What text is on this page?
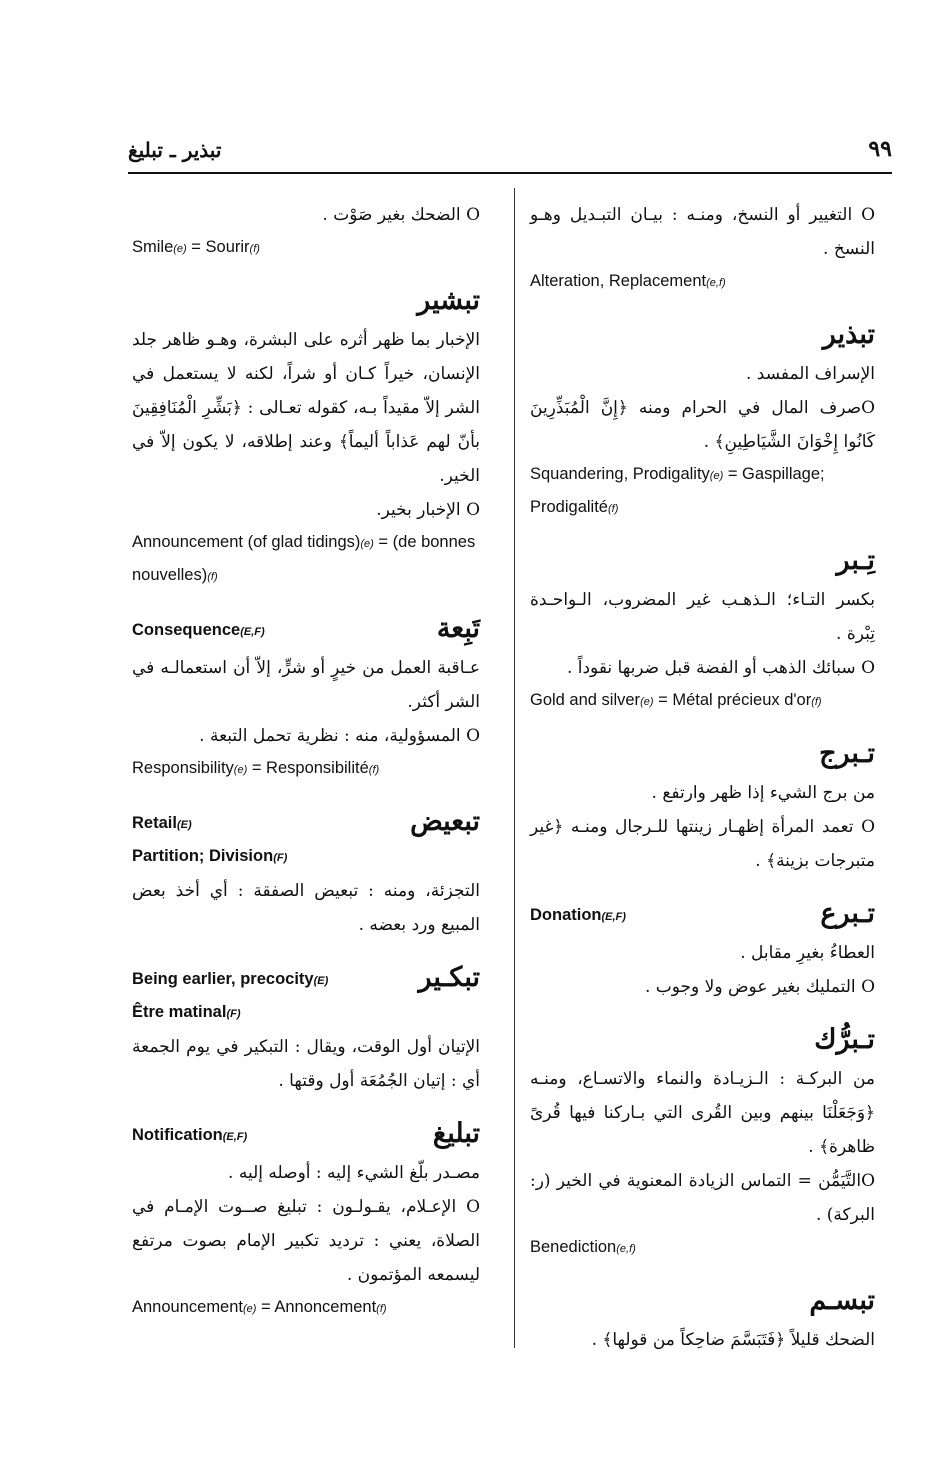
تبذير ـ تبليغ	٩٩

O التغيير أو النسخ، ومنـه : بيـان التبـديل وهـو النسخ .

Alteration, Replacement(e,f)

تبذير

الإسراف المفسد .

Oصرف المال في الحرام ومنه ﴿إِنَّ الْمُبَذِّرِينَ كَانُوا إِخْوَانَ الشَّيَاطِينِ﴾ .

Squandering, Prodigality(e) = Gaspillage; Prodigalité(f)

تِـبر

بكسر التـاء؛ الـذهـب غير المضروب، الـواحـدة تِبْرة .

O سبائك الذهب أو الفضة قبل ضربها نقوداً .

Gold and silver(e) = Métal précieux d'or(f)

تـبرج

من برج الشيء إذا ظهر وارتفع .

O تعمد المرأة إظهـار زينتها للـرجال ومنـه ﴿غير متبرجات بزينة﴾ .

Donation(E,F)	تـبرع

العطاءُ بغيرِ مقابل .

O التمليك بغير عوض ولا وجوب .

تـبرُّك

من البركـة : الـزيـادة والنماء والاتسـاع، ومنـه ﴿وَجَعَلْنَا بينهم وبين القُرى التي بـاركنا فيها قُرىً ظاهرة﴾ .

Oالتَّيَمُّن = التماس الزيادة المعنوية في الخير (ر: البركة) .

Benediction(e,f)

تبسـم

الضحك قليلاً ﴿فَتَبَسَّمَ ضاحِكاً من قولها﴾ .

O الضحك بغير صَوْت .

Smile(e) = Sourir(f)

تبشير

الإخبار بما ظهر أثره على البشرة، وهـو ظاهر جلد الإنسان، خيراً كـان أو شراً، لكنه لا يستعمل في الشر إلاّ مقيداً بـه، كقوله تعـالى : ﴿بَشِّرِ الْمُنَافِقِينَ بأنّ لهم عَذاباً أليماً﴾ وعند إطلاقه، لا يكون إلاّ في الخير.

O الإخبار بخير.

Announcement (of glad tidings)(e) = (de bonnes nouvelles)(f)

Consequence(E,F)	تَبِعة

عـاقبة العمل من خيرٍ أو شرٍّ، إلاّ أن استعمالـه في الشر أكثر.

O المسؤولية، منه : نظرية تحمل التبعة .

Responsibility(e) = Responsibilité(f)

Retail(E)
Partition; Division(F)
تبعيض

التجزئة، ومنه : تبعيض الصفقة : أي أخذ بعض المبيع ورد بعضه .

Being earlier, precocity(E)
Être matinal(F)
تبكـير

الإتيان أول الوقت، ويقال : التبكير في يوم الجمعة أي : إتيان الجُمُعَة أول وقتها .

Notification(E,F)	تبليغ

مصـدر بلّغ الشيء إليه : أوصله إليه .

O الإعـلام، يقـولـون : تبليغ صــوت الإمـام في الصلاة، يعني : ترديد تكبير الإمام بصوت مرتفع ليسمعه المؤتمون .

Announcement(e) = Annoncement(f)
